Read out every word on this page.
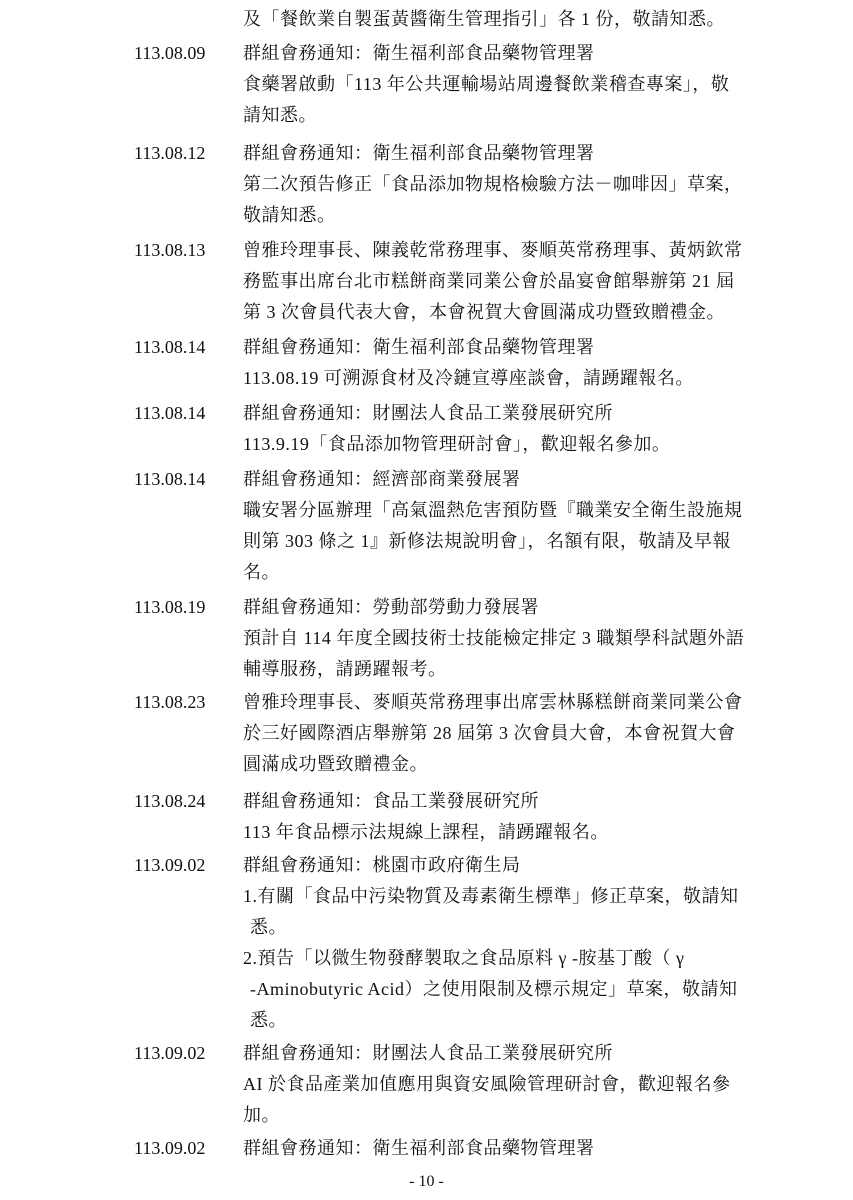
及「餐飲業自製蛋黃醬衛生管理指引」各 1 份，敬請知悉。
113.08.09 群組會務通知：衛生福利部食品藥物管理署
食藥署啟動「113 年公共運輸場站周邊餐飲業稽查專案」，敬
請知悉。
113.08.12 群組會務通知：衛生福利部食品藥物管理署
第二次預告修正「食品添加物規格檢驗方法－咖啡因」草案，
敬請知悉。
113.08.13 曾雅玲理事長、陳義乾常務理事、麥順英常務理事、黃炳欽常
務監事出席台北市糕餅商業同業公會於晶宴會館舉辦第 21 屆
第 3 次會員代表大會，本會祝賀大會圓滿成功暨致贈禮金。
113.08.14 群組會務通知：衛生福利部食品藥物管理署
113.08.19 可溯源食材及冷鏈宣導座談會，請踴躍報名。
113.08.14 群組會務通知：財團法人食品工業發展研究所
113.9.19「食品添加物管理研討會」，歡迎報名參加。
113.08.14 群組會務通知：經濟部商業發展署
職安署分區辦理「高氣溫熱危害預防暨『職業安全衛生設施規
則第 303 條之 1』新修法規說明會」，名額有限，敬請及早報
名。
113.08.19 群組會務通知：勞動部勞動力發展署
預計自 114 年度全國技術士技能檢定排定 3 職類學科試題外語
輔導服務，請踴躍報考。
113.08.23 曾雅玲理事長、麥順英常務理事出席雲林縣糕餅商業同業公會
於三好國際酒店舉辦第 28 屆第 3 次會員大會，本會祝賀大會
圓滿成功暨致贈禮金。
113.08.24 群組會務通知：食品工業發展研究所
113 年食品標示法規線上課程，請踴躍報名。
113.09.02 群組會務通知：桃園市政府衛生局
1.有關「食品中污染物質及毒素衛生標準」修正草案，敬請知
悉。
2.預告「以微生物發酵製取之食品原料 γ -胺基丁酸（ γ
-Aminobutyric Acid）之使用限制及標示規定」草案，敬請知
悉。
113.09.02 群組會務通知：財團法人食品工業發展研究所
AI 於食品產業加值應用與資安風險管理研討會，歡迎報名參
加。
113.09.02 群組會務通知：衛生福利部食品藥物管理署
- 10 -
